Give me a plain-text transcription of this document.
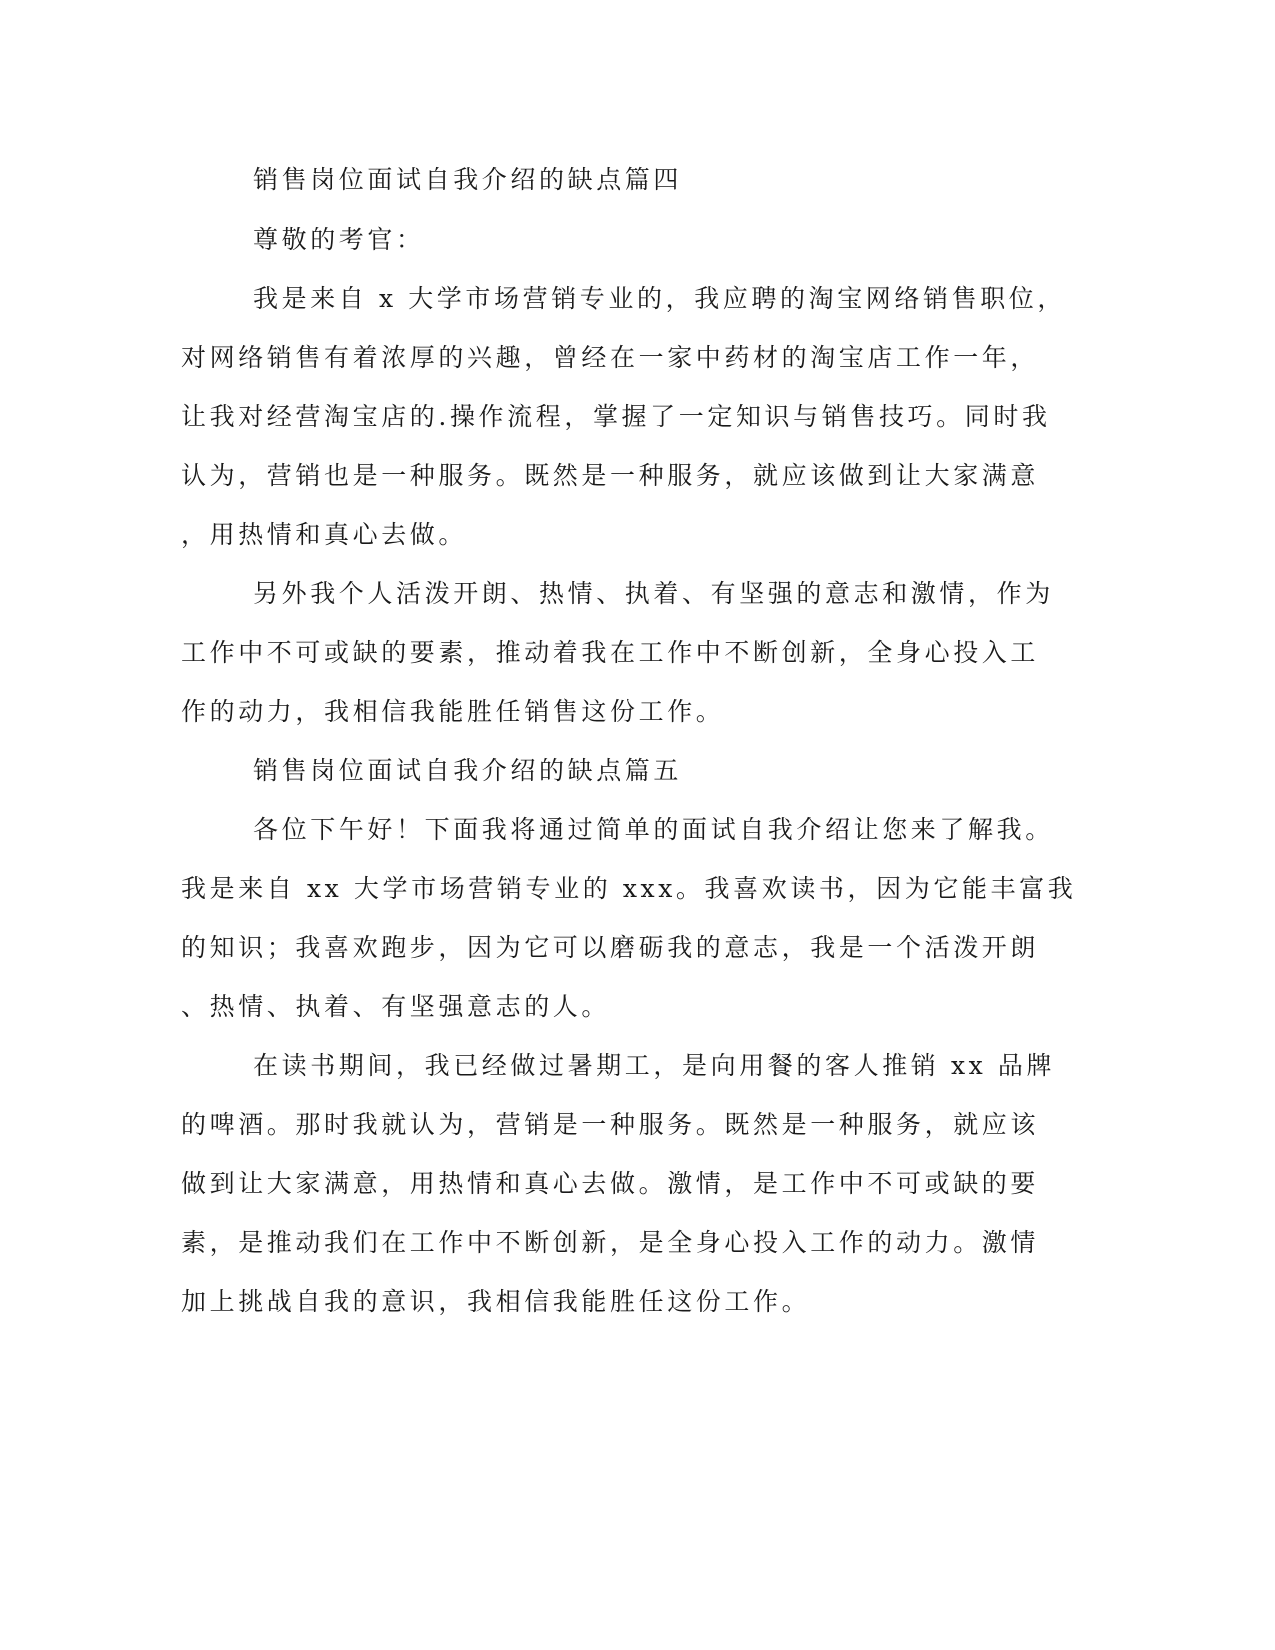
销售岗位面试自我介绍的缺点篇四

尊敬的考官：

我是来自 x 大学市场营销专业的，我应聘的淘宝网络销售职位，

对网络销售有着浓厚的兴趣，曾经在一家中药材的淘宝店工作一年，

让我对经营淘宝店的.操作流程，掌握了一定知识与销售技巧。同时我

认为，营销也是一种服务。既然是一种服务，就应该做到让大家满意

，用热情和真心去做。

另外我个人活泼开朗、热情、执着、有坚强的意志和激情，作为

工作中不可或缺的要素，推动着我在工作中不断创新，全身心投入工

作的动力，我相信我能胜任销售这份工作。

销售岗位面试自我介绍的缺点篇五

各位下午好！下面我将通过简单的面试自我介绍让您来了解我。

我是来自 xx 大学市场营销专业的 xxx。我喜欢读书，因为它能丰富我

的知识；我喜欢跑步，因为它可以磨砺我的意志，我是一个活泼开朗

、热情、执着、有坚强意志的人。

在读书期间，我已经做过暑期工，是向用餐的客人推销 xx 品牌

的啤酒。那时我就认为，营销是一种服务。既然是一种服务，就应该

做到让大家满意，用热情和真心去做。激情，是工作中不可或缺的要

素，是推动我们在工作中不断创新，是全身心投入工作的动力。激情

加上挑战自我的意识，我相信我能胜任这份工作。
